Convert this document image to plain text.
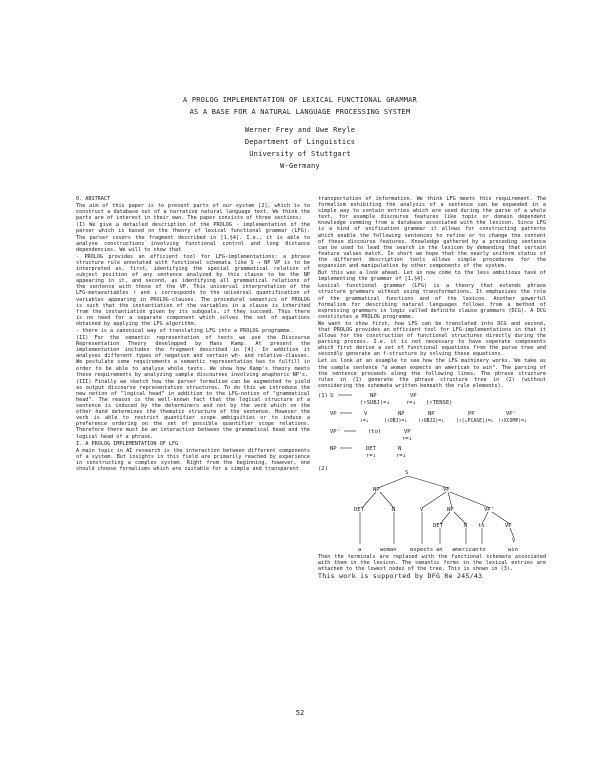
A PROLOG IMPLEMENTATION OF LEXICAL FUNCTIONAL GRAMMAR
AS A BASE FOR A NATURAL LANGUAGE PROCESSING SYSTEM
Werner Frey and Uwe Reyle
Department of Linguistics
University of Stuttgart
W-Germany

0. ABSTRACT

The aim of this paper is to present parts of our system [2], which is to construct a database out of a narrative natural language text. We think the parts are of interest in their own. The paper consists of three sections:

(I) We give a detailed description of the PROLOG - implementation of the parser which is based on the theory of lexical functional grammar (LFG). The parser covers the fragment described in [1,§4]. I.e., it is able to analyse constructions involving functional control and long distance dependencies. We will to show that

- PROLOG provides an efficient tool for LFG-implementations: a phrase structure rule annotated with functional schemata like S → NP VP is to be interpreted as, first, identifying the special grammatical relation of subject position of any sentence analyzed by this clause to be the NP appearing in it, and second, as identifying all grammatical relations of the sentence with those of the VP. This universal interpretation of the LFG-metavariables ↑ and ↓ corresponds to the universal quantification of variables appearing in PROLOG-clauses. The procedural semantics of PROLOG is such that the instantiation of the variables in a clause is inherited from the instantiation given by its subgoals, if they succeed. Thus there is no need for a separate component which solves the set of equations obtained by applying the LFG algorithm.

- there is a canonical way of translating LFG into a PROLOG programme.

(II) For the semantic representation of texts we use the Discourse Representation Theory developped by Hans Kamp. At present the implementation includes the fragment described in [4]. In addition it analyses different types of negation and certain wh- and relative-clauses. We postulate some requirements a semantic representation has to fulfill in order to be able to analyse whole texts. We show how Kamp's theory meets these requirements by analyzing sample discourses involving anaphoric NP's.

(III) Finally we sketch how the parser formalism can be augmented to yield as output discourse representation structures. To do this we introduce the new notion of "logical head" in addition to the LFG-notion of "grammatical head". The reason is the well-known fact that the logical structure of a sentence is induced by the determiners and not by the verb which on the other hand determines the thematic structure of the sentence. However the verb is able to restrict quantifier scope ambiguities or to induce a preference ordering on the set of possible quantifier scope relations. Therefore there must be an interaction between the grammatical head and the logical head of a phrase.

I. A PROLOG IMPLEMENTATION OF LFG

A main topic in AI research is the interaction between different components of a system. But insights in this field are primarily reached by experience in constructing a complex system. Right from the beginning, however, one should choose formalisms which are suitable for a simple and transparent

transportation of information. We think LFG meets this requirement. The formalism exhibiting the analysis of a sentence can be expanded in a simple way to contain entries which are used during the parse of a whole text, for example discourse features like topic or domain dependent knowledge comming from a database associated with the lexicon. Since LFG is a kind of unification grammar it allows for constructing patterns which enable the following sentences to refine or to change the content of these discourse features. Knowledge gathered by a preceding sentence can be used to lead the search in the lexicon by demanding that certain feature values match. In short we hope that the nearly uniform status of the different description tools allows simple procedures for the expansion and manipulation by other components of the system.

But this was a look ahead. Let us now come to the less ambitious task of implementing the grammar of [1,§4].

Lexical functional grammar (LFG) is a theory that extends phrase structure grammars without using transformations. It emphasizes the role of the grammatical functions and of the lexicon. Another powerful formalism for describing natural languages follows from a method of expressing grammars in logic called definite clause grammars (DCG). A DCG constitutes a PROLOG programme.

We want to show first, how LFG can be translated into DCG and second, that PROLOG provides an efficient tool for LFG-implementations in that it allows for the construction of functional structures directly during the parsing process. I.e. it is not necessary to have seperate components which first derive a set of functional equations from the parse tree and secondly generate an f-structure by solving these equations.

Let us look at an example to see how the LFG machinery works. We take as the sample sentence "a woman expects an american to win". The parsing of the sentence proceeds along the following lines. The phrase structure rules in (1) generate the phrase structure tree in (2) (without considering the schemata written beneath the rule elements).

(1) S	NP	VP
(↑SUBJ)=↓	↑=↓ (↑TENSE)
VP	V	NP	NP	PP	VP'
↑=↓	(↑OBJ)=↓ (↑OBJ2)=↓	(↑(↓PCASE))=↓ (↑XCOMP)=↓
VP'	(to)	VP
↑=↓
NP	DET	N
↑=↓	↑=↓
(2)
S
NP	VP
DET	N	V	NP	VP'
DET	N to	VP
V
a	woman expects an american to	win

Then the terminals are replaced with the functional schemata associated with them in the lexicon. The semantic forms in the lexical entries are attached to the lowest nodes of the tree. This is shown in (3).

This work is supported by DFG Re 245/43

52
